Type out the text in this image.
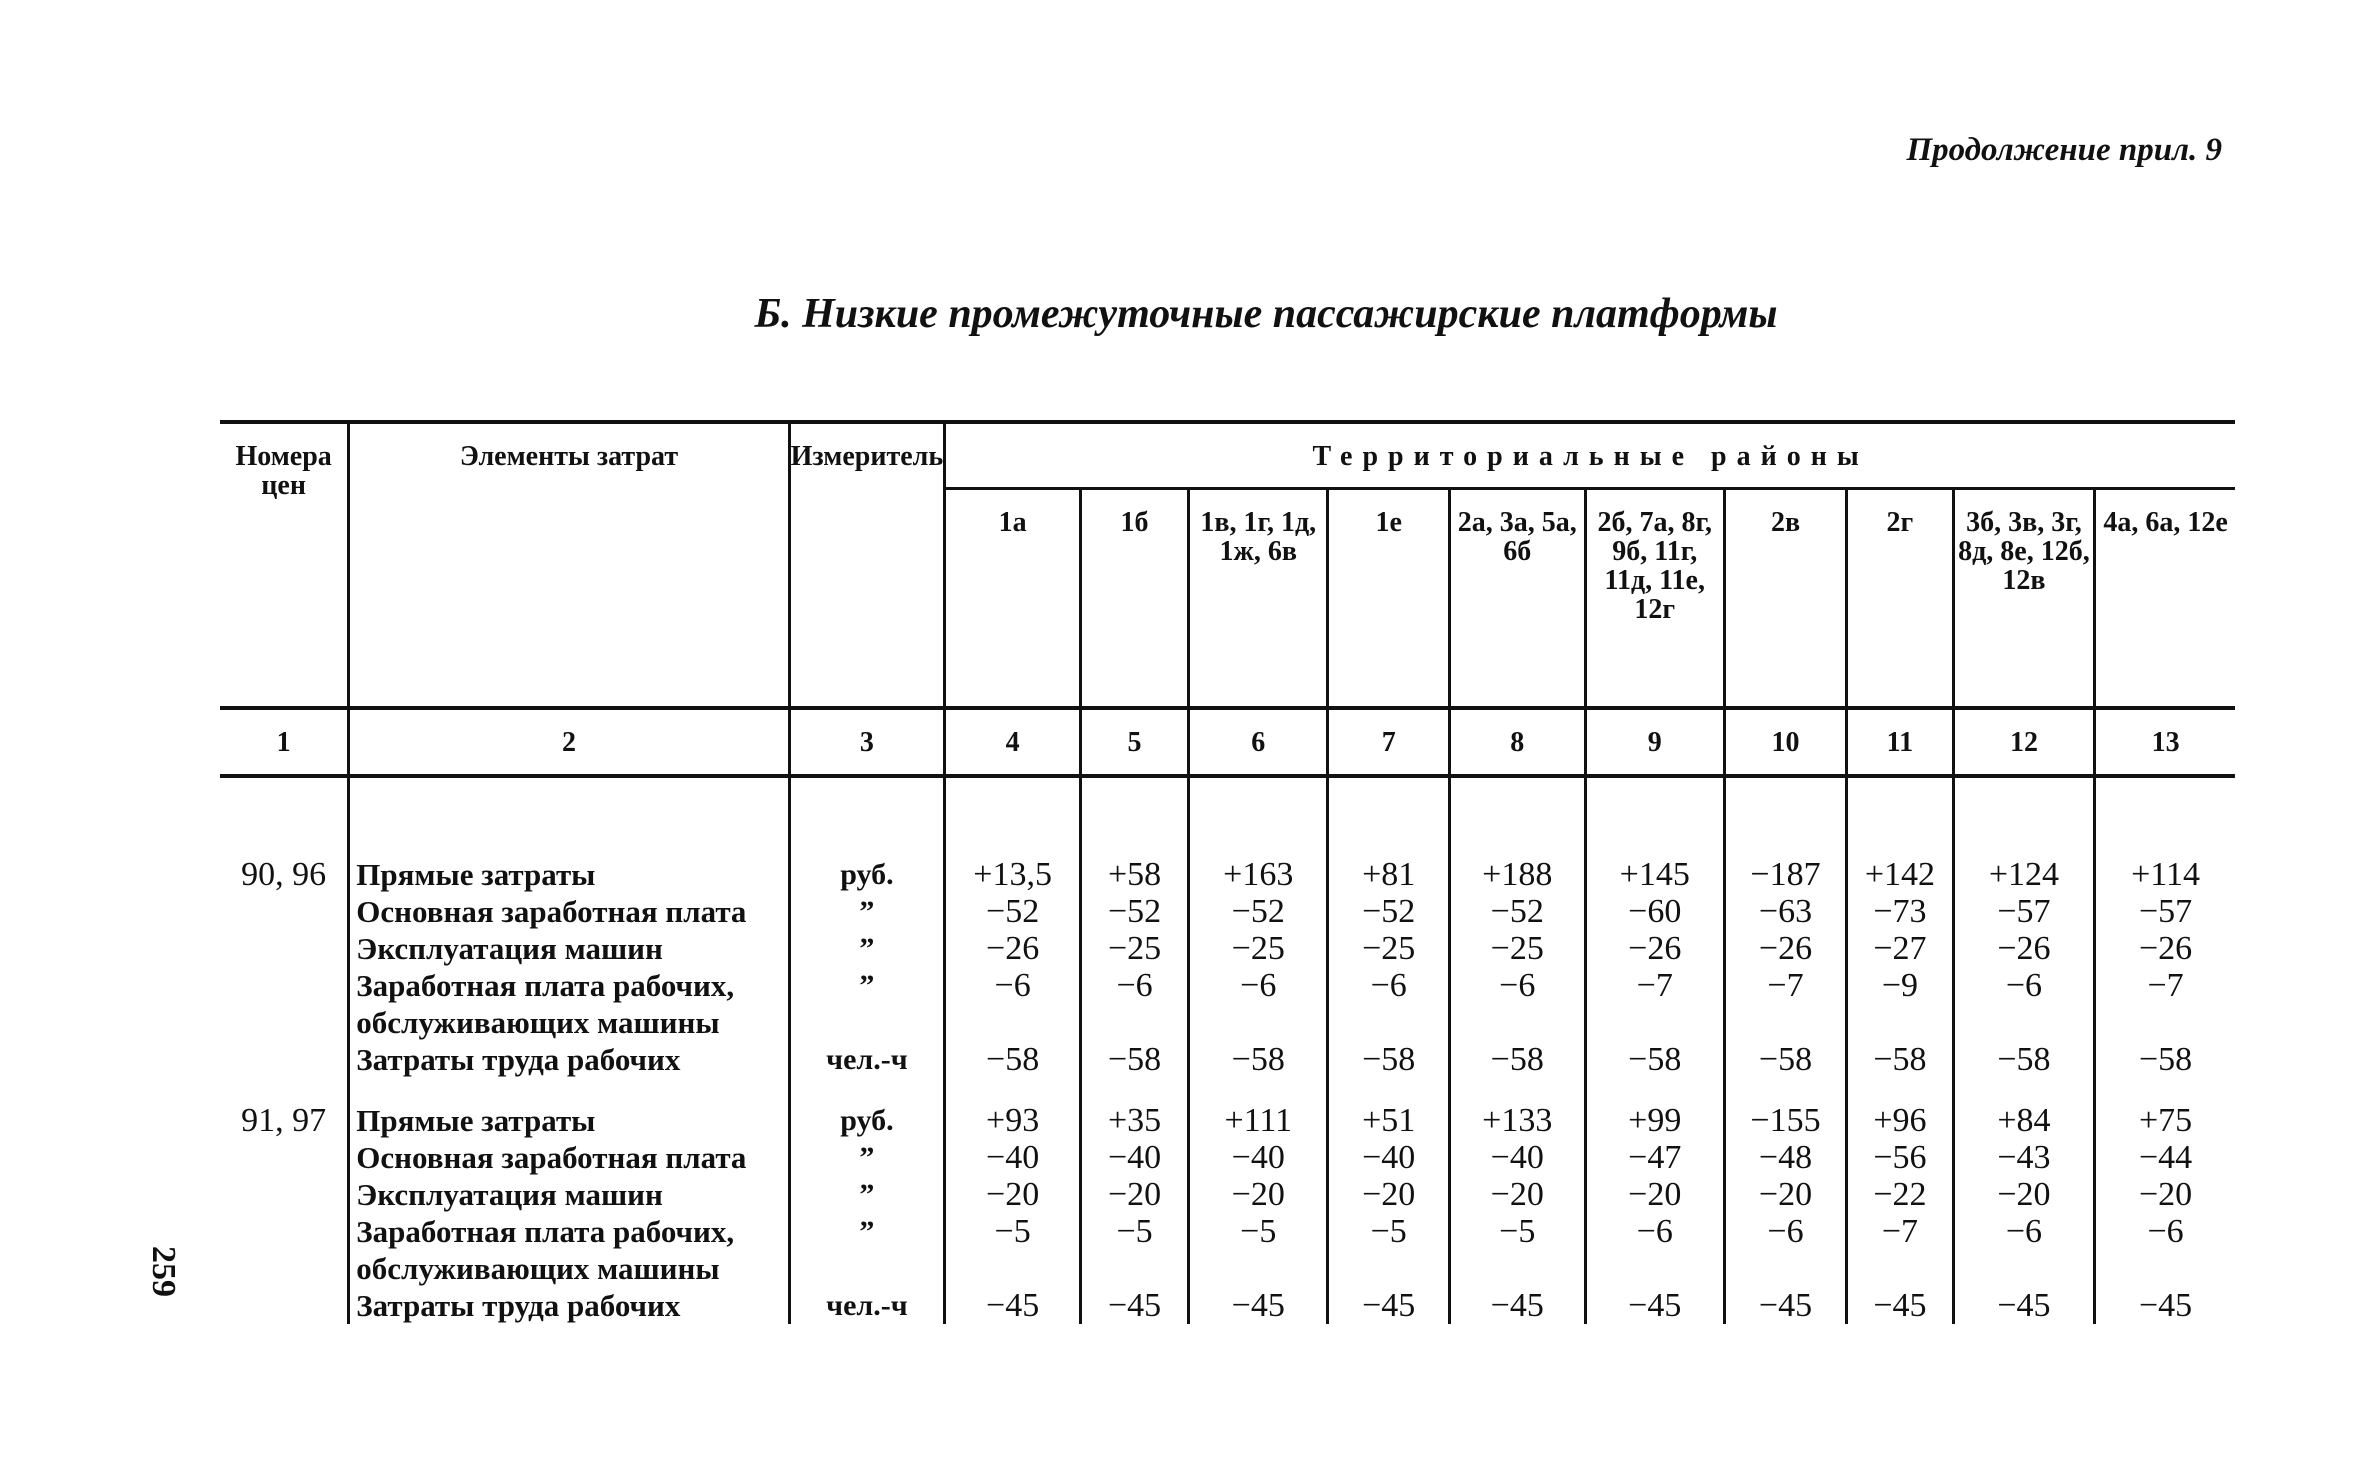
Продолжение прил. 9
Б. Низкие промежуточные пассажирские платформы
259
Номера цен	Элементы затрат	Измеритель	Территориальные районы									
			1а	1б	1в, 1г, 1д, 1ж, 6в	1е	2а, 3а, 5а, 6б	2б, 7а, 8г, 9б, 11г, 11д, 11е, 12г	2в	2г	3б, 3в, 3г, 8д, 8е, 12б, 12в	4а, 6а, 12е
1	2	3	4	5	6	7	8	9	10	11	12	13

90, 96	Прямые затраты	руб.	+13,5	+58	+163	+81	+188	+145	−187	+142	+124	+114
	Основная заработная плата	”	−52	−52	−52	−52	−52	−60	−63	−73	−57	−57
	Эксплуатация машин	”	−26	−25	−25	−25	−25	−26	−26	−27	−26	−26
	Заработная плата рабочих, обслуживающих машины	”	−6	−6	−6	−6	−6	−7	−7	−9	−6	−7
	Затраты труда рабочих	чел.-ч	−58	−58	−58	−58	−58	−58	−58	−58	−58	−58

91, 97	Прямые затраты	руб.	+93	+35	+111	+51	+133	+99	−155	+96	+84	+75
	Основная заработная плата	”	−40	−40	−40	−40	−40	−47	−48	−56	−43	−44
	Эксплуатация машин	”	−20	−20	−20	−20	−20	−20	−20	−22	−20	−20
	Заработная плата рабочих, обслуживающих машины	”	−5	−5	−5	−5	−5	−6	−6	−7	−6	−6
	Затраты труда рабочих	чел.-ч	−45	−45	−45	−45	−45	−45	−45	−45	−45	−45
